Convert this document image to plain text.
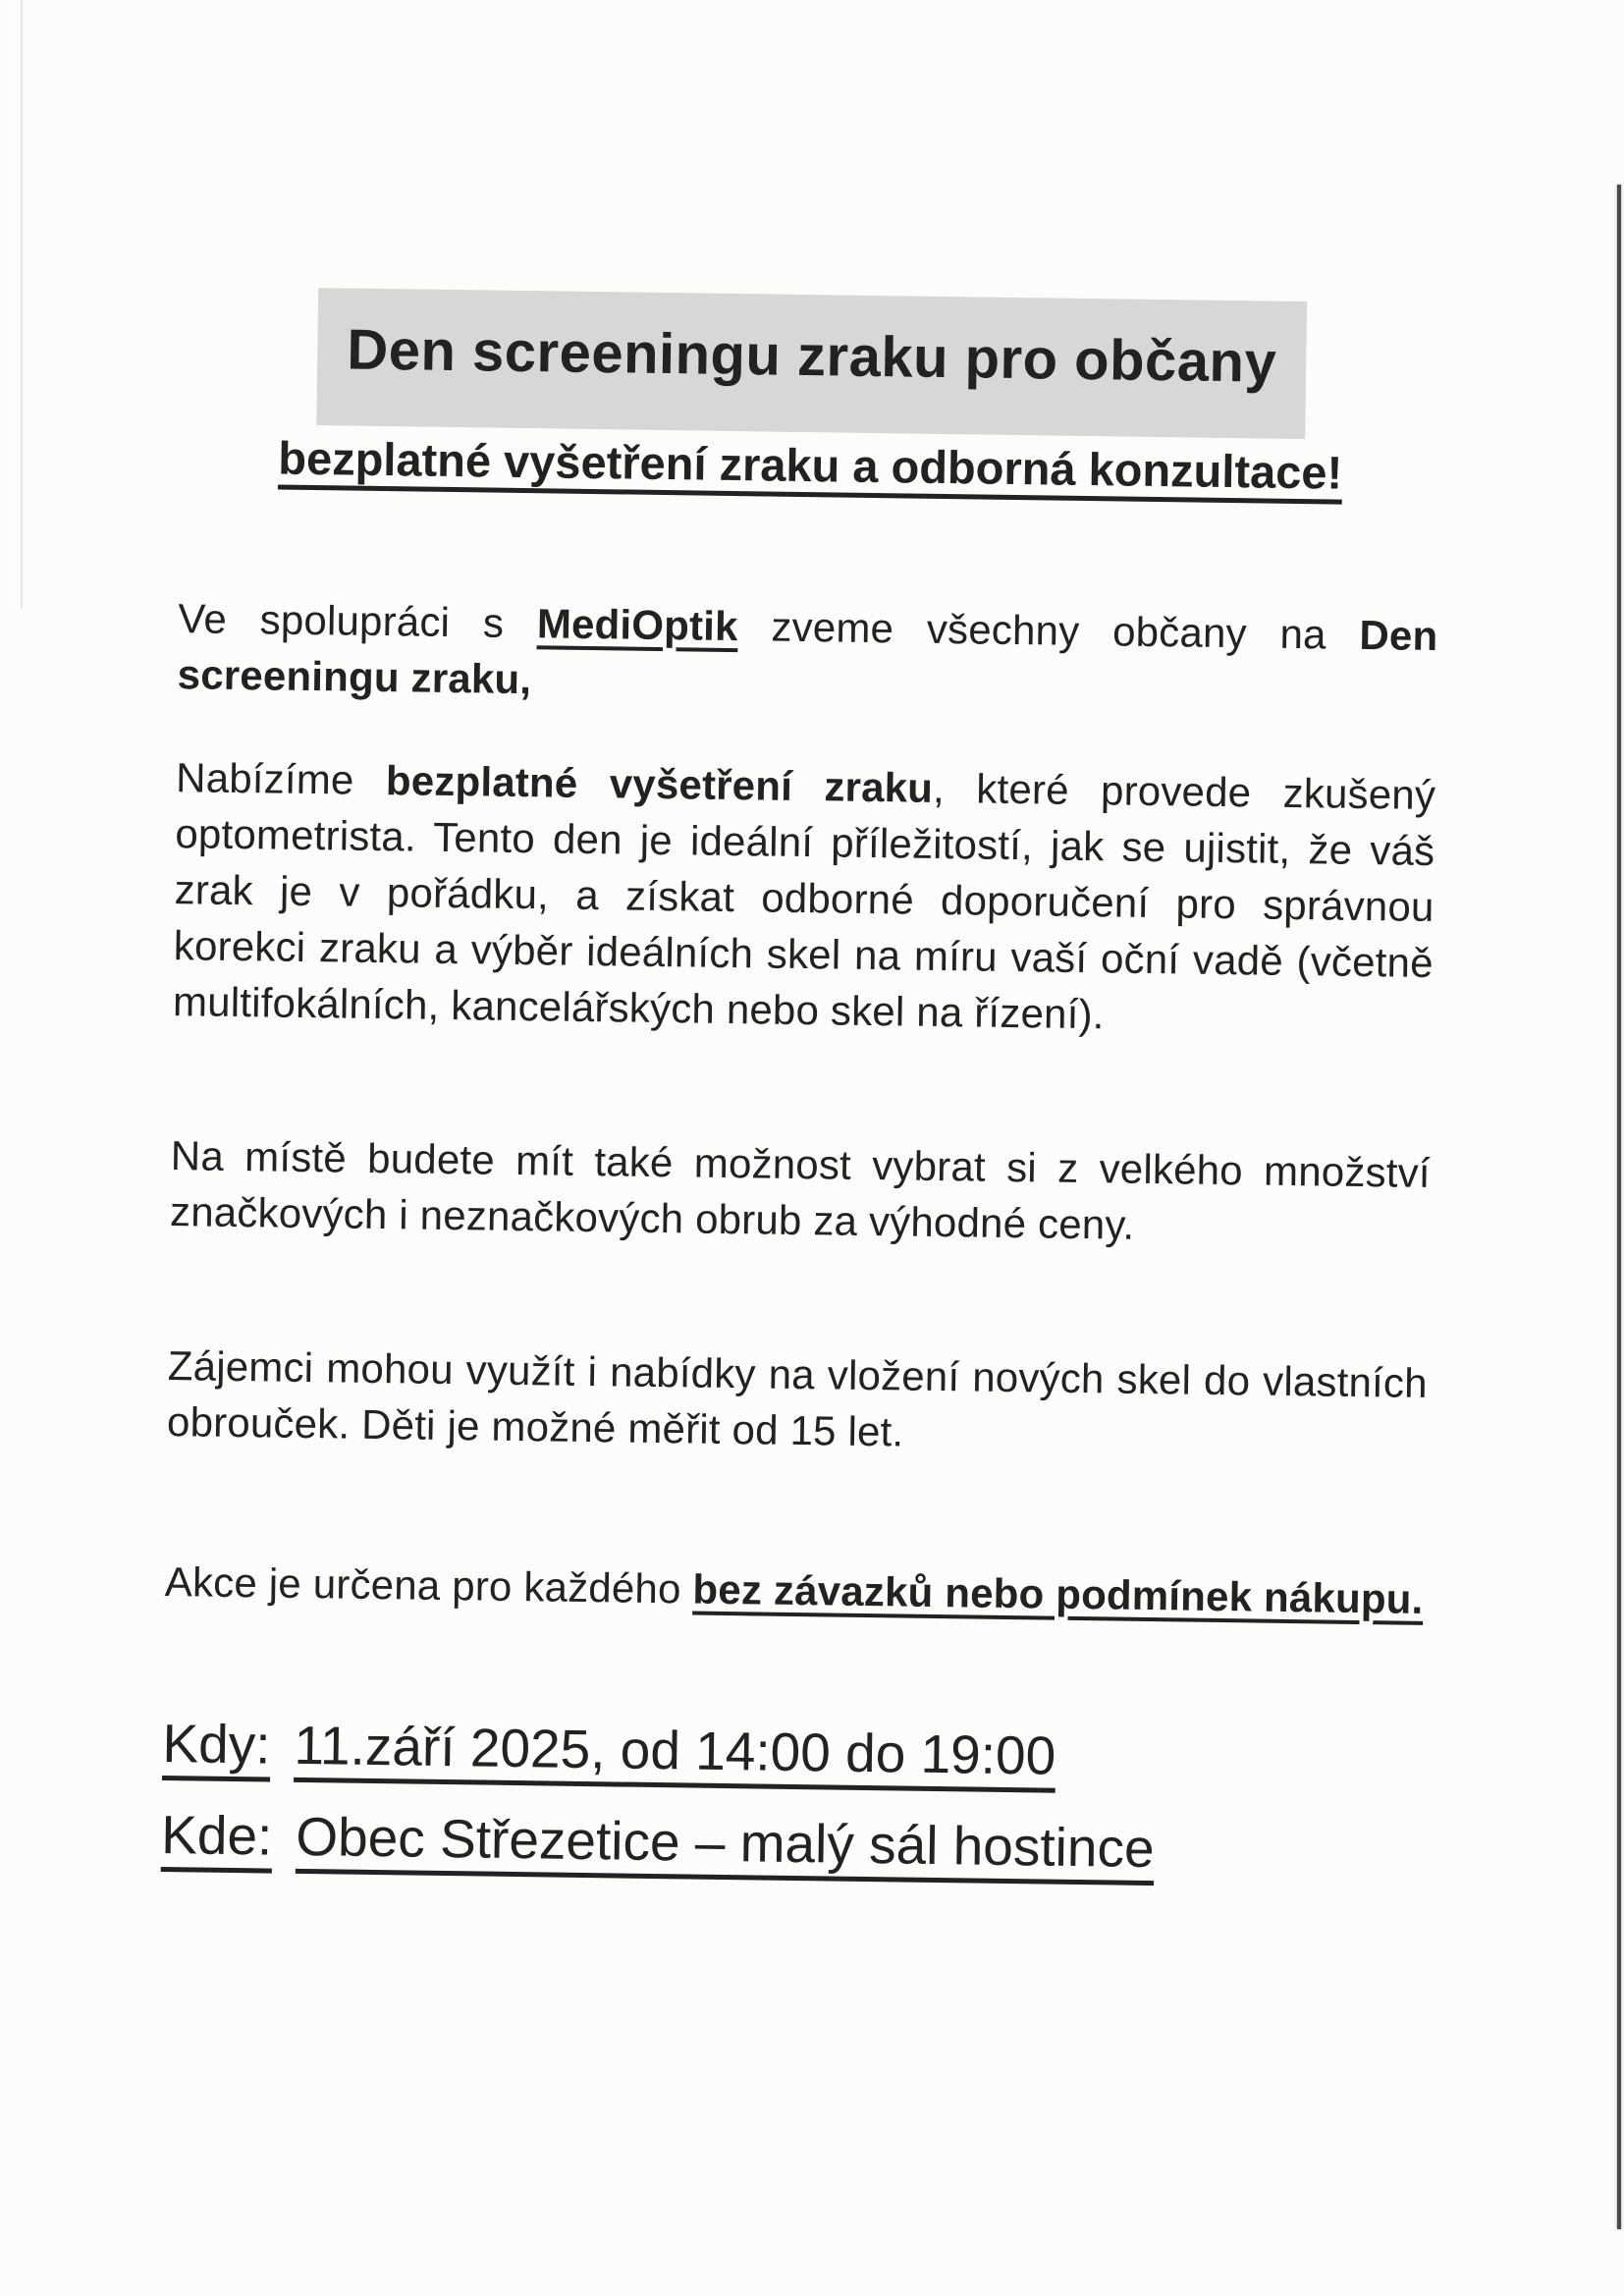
Den screeningu zraku pro občany
bezplatné vyšetření zraku a odborná konzultace!

Ve spolupráci s MediOptik zveme všechny občany na Den screeningu zraku,

Nabízíme bezplatné vyšetření zraku, které provede zkušený optometrista. Tento den je ideální příležitostí, jak se ujistit, že váš zrak je v pořádku, a získat odborné doporučení pro správnou korekci zraku a výběr ideálních skel na míru vaší oční vadě (včetně multifokálních, kancelářských nebo skel na řízení).

Na místě budete mít také možnost vybrat si z velkého množství značkových i neznačkových obrub za výhodné ceny.

Zájemci mohou využít i nabídky na vložení nových skel do vlastních obrouček. Děti je možné měřit od 15 let.

Akce je určena pro každého bez závazků nebo podmínek nákupu.

Kdy: 11.září 2025, od 14:00 do 19:00

Kde: Obec Střezetice – malý sál hostince
